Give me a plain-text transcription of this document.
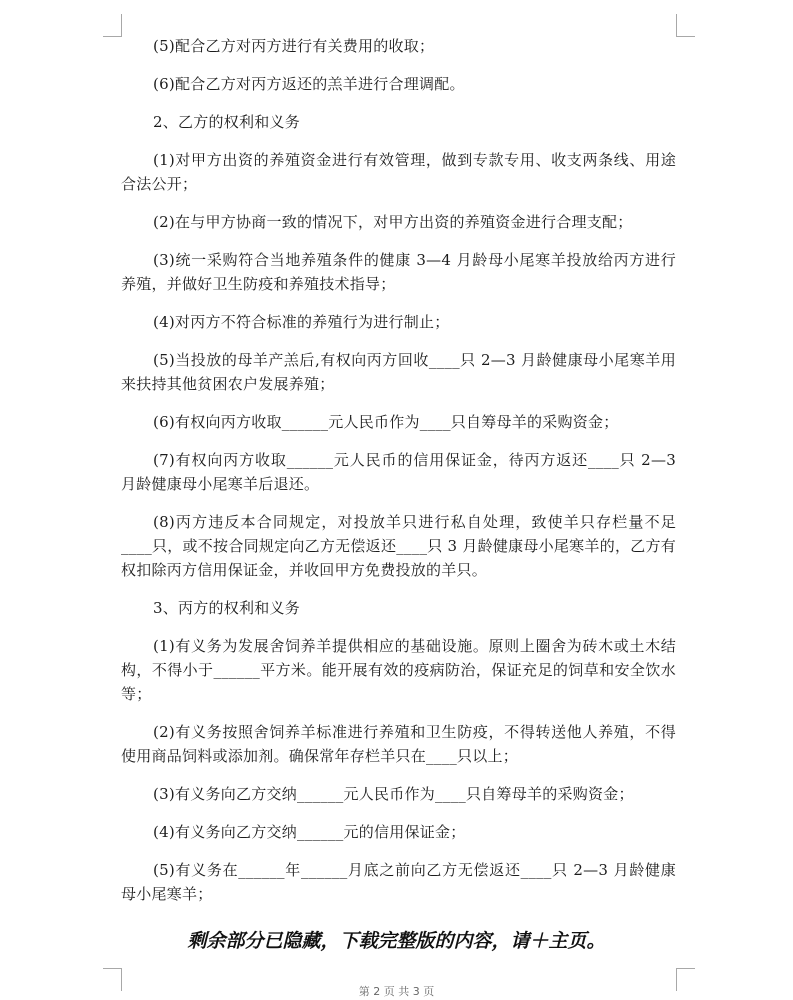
(5)配合乙方对丙方进行有关费用的收取；

(6)配合乙方对丙方返还的羔羊进行合理调配。

2、乙方的权利和义务

(1)对甲方出资的养殖资金进行有效管理，做到专款专用、收支两条线、用途合法公开；

(2)在与甲方协商一致的情况下，对甲方出资的养殖资金进行合理支配；

(3)统一采购符合当地养殖条件的健康 3—4 月龄母小尾寒羊投放给丙方进行养殖，并做好卫生防疫和养殖技术指导；

(4)对丙方不符合标准的养殖行为进行制止；

(5)当投放的母羊产羔后,有权向丙方回收____只 2—3 月龄健康母小尾寒羊用来扶持其他贫困农户发展养殖；

(6)有权向丙方收取______元人民币作为____只自筹母羊的采购资金；

(7)有权向丙方收取______元人民币的信用保证金，待丙方返还____只 2—3 月龄健康母小尾寒羊后退还。

(8)丙方违反本合同规定，对投放羊只进行私自处理，致使羊只存栏量不足____只，或不按合同规定向乙方无偿返还____只 3 月龄健康母小尾寒羊的，乙方有权扣除丙方信用保证金，并收回甲方免费投放的羊只。

3、丙方的权利和义务

(1)有义务为发展舍饲养羊提供相应的基础设施。原则上圈舍为砖木或土木结构，不得小于______平方米。能开展有效的疫病防治，保证充足的饲草和安全饮水等；

(2)有义务按照舍饲养羊标准进行养殖和卫生防疫，不得转送他人养殖，不得使用商品饲料或添加剂。确保常年存栏羊只在____只以上；

(3)有义务向乙方交纳______元人民币作为____只自筹母羊的采购资金；

(4)有义务向乙方交纳______元的信用保证金；

(5)有义务在______年______月底之前向乙方无偿返还____只 2—3 月龄健康母小尾寒羊；

剩余部分已隐藏，下载完整版的内容，请＋主页。
第 2 页 共 3 页
